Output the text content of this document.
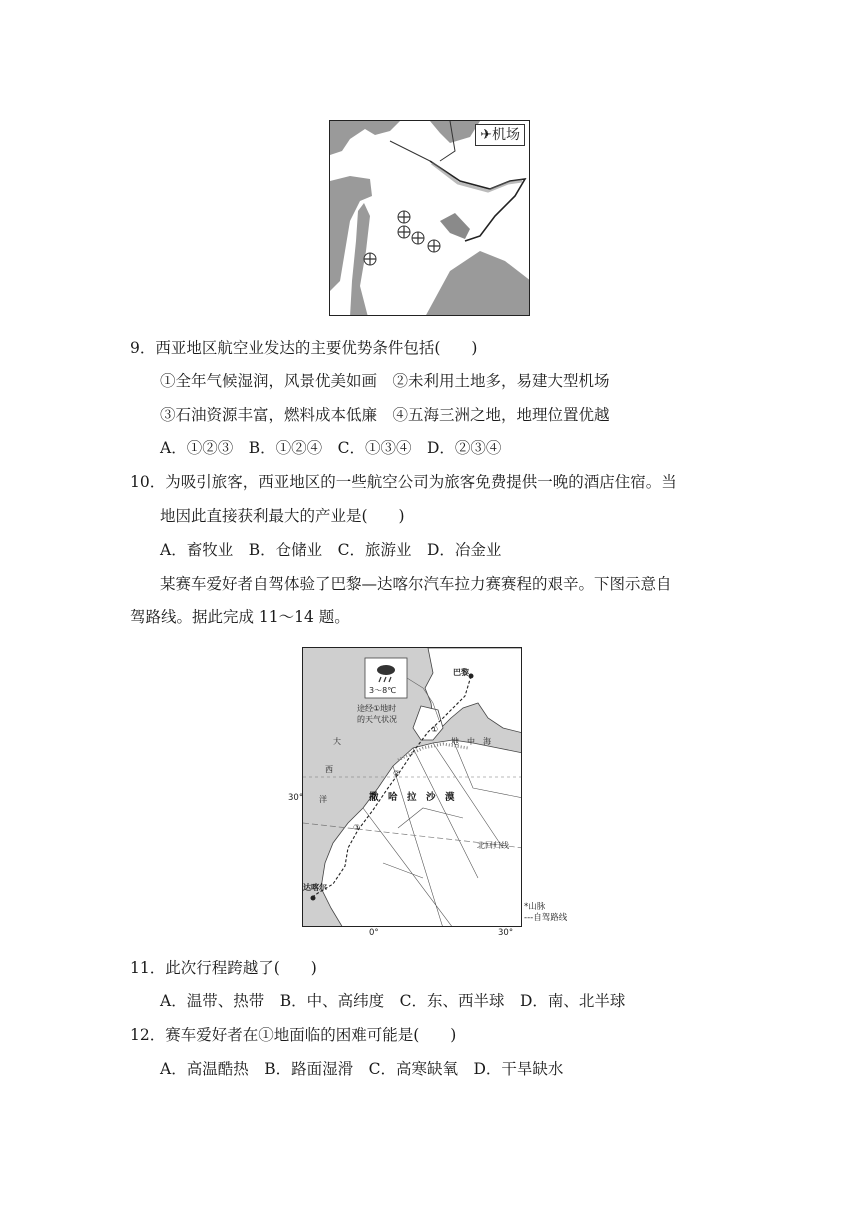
✈机场
9．西亚地区航空业发达的主要优势条件包括(　　)
①全年气候湿润，风景优美如画　②未利用土地多，易建大型机场
③石油资源丰富，燃料成本低廉　④五海三洲之地，地理位置优越
A．①②③　B．①②④　C．①③④　D．②③④
10．为吸引旅客，西亚地区的一些航空公司为旅客免费提供一晚的酒店住宿。当
地因此直接获利最大的产业是(　　)
A．畜牧业　B．仓储业　C．旅游业　D．冶金业
某赛车爱好者自驾体验了巴黎—达喀尔汽车拉力赛赛程的艰辛。下图示意自
驾路线。据此完成 11～14 题。
3～8℃
途经①地时
的天气状况
巴黎
达喀尔
地　中　海
大
西
洋	撒　哈　拉　沙　漠
北回归线
①
②
③
30°
0°	30°
*山脉
---自驾路线
11．此次行程跨越了(　　)
A．温带、热带　B．中、高纬度　C．东、西半球　D．南、北半球
12．赛车爱好者在①地面临的困难可能是(　　)
A．高温酷热　B．路面湿滑　C．高寒缺氧　D．干旱缺水
